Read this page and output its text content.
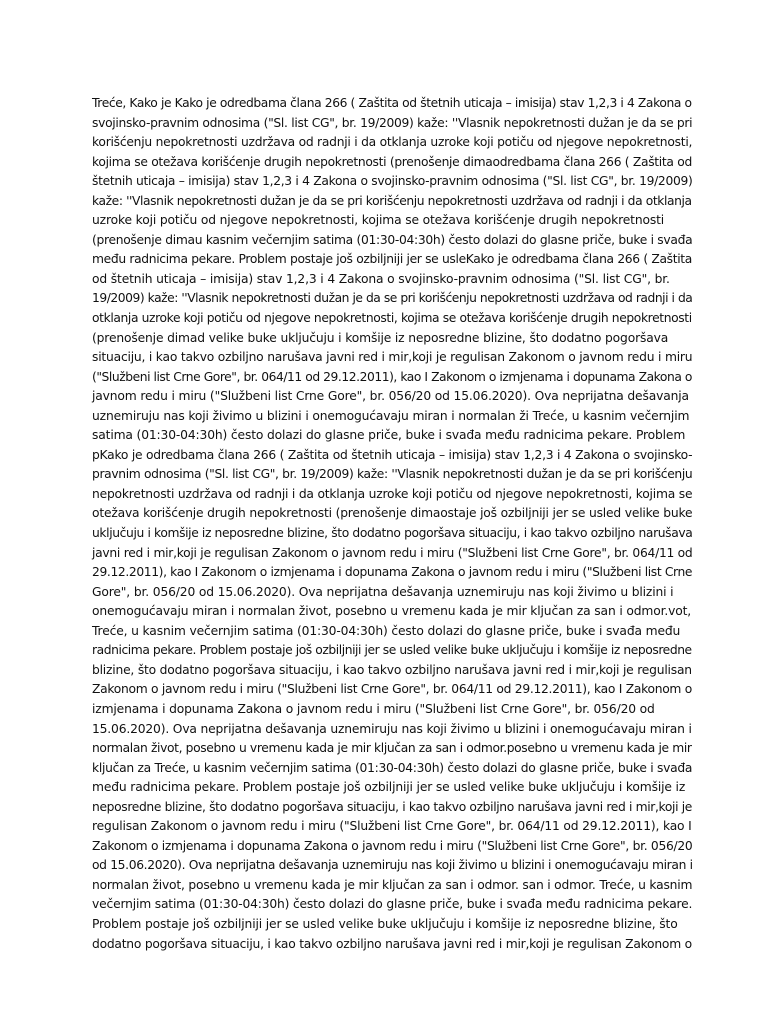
Treće, Kako je Kako je odredbama člana 266 ( Zaštita od štetnih uticaja – imisija) stav 1,2,3 i 4 Zakona o
svojinsko-pravnim odnosima ("Sl. list CG", br. 19/2009) kaže: ''Vlasnik nepokretnosti dužan je da se pri
korišćenju nepokretnosti uzdržava od radnji i da otklanja uzroke koji potiču od njegove nepokretnosti,
kojima se otežava korišćenje drugih nepokretnosti (prenošenje dimaodredbama člana 266 ( Zaštita od
štetnih uticaja – imisija) stav 1,2,3 i 4 Zakona o svojinsko-pravnim odnosima ("Sl. list CG", br. 19/2009)
kaže: ''Vlasnik nepokretnosti dužan je da se pri korišćenju nepokretnosti uzdržava od radnji i da otklanja
uzroke koji potiču od njegove nepokretnosti, kojima se otežava korišćenje drugih nepokretnosti
(prenošenje dimau kasnim večernjim satima (01:30-04:30h) često dolazi do glasne priče, buke i svađa
među radnicima pekare. Problem postaje još ozbiljniji jer se usleKako je odredbama člana 266 ( Zaštita
od štetnih uticaja – imisija) stav 1,2,3 i 4 Zakona o svojinsko-pravnim odnosima ("Sl. list CG", br.
19/2009) kaže: ''Vlasnik nepokretnosti dužan je da se pri korišćenju nepokretnosti uzdržava od radnji i da
otklanja uzroke koji potiču od njegove nepokretnosti, kojima se otežava korišćenje drugih nepokretnosti
(prenošenje dimad velike buke uključuju i komšije iz neposredne blizine, što dodatno pogoršava
situaciju, i kao takvo ozbiljno narušava javni red i mir,koji je regulisan Zakonom o javnom redu i miru
("Službeni list Crne Gore", br. 064/11 od 29.12.2011), kao I Zakonom o izmjenama i dopunama Zakona o
javnom redu i miru ("Službeni list Crne Gore", br. 056/20 od 15.06.2020). Ova neprijatna dešavanja
uznemiruju nas koji živimo u blizini i onemogućavaju miran i normalan ži Treće, u kasnim večernjim
satima (01:30-04:30h) često dolazi do glasne priče, buke i svađa među radnicima pekare. Problem
pKako je odredbama člana 266 ( Zaštita od štetnih uticaja – imisija) stav 1,2,3 i 4 Zakona o svojinsko-
pravnim odnosima ("Sl. list CG", br. 19/2009) kaže: ''Vlasnik nepokretnosti dužan je da se pri korišćenju
nepokretnosti uzdržava od radnji i da otklanja uzroke koji potiču od njegove nepokretnosti, kojima se
otežava korišćenje drugih nepokretnosti (prenošenje dimaostaje još ozbiljniji jer se usled velike buke
uključuju i komšije iz neposredne blizine, što dodatno pogoršava situaciju, i kao takvo ozbiljno narušava
javni red i mir,koji je regulisan Zakonom o javnom redu i miru ("Službeni list Crne Gore", br. 064/11 od
29.12.2011), kao I Zakonom o izmjenama i dopunama Zakona o javnom redu i miru ("Službeni list Crne
Gore", br. 056/20 od 15.06.2020). Ova neprijatna dešavanja uznemiruju nas koji živimo u blizini i
onemogućavaju miran i normalan život, posebno u vremenu kada je mir ključan za san i odmor.vot,
Treće, u kasnim večernjim satima (01:30-04:30h) često dolazi do glasne priče, buke i svađa među
radnicima pekare. Problem postaje još ozbiljniji jer se usled velike buke uključuju i komšije iz neposredne
blizine, što dodatno pogoršava situaciju, i kao takvo ozbiljno narušava javni red i mir,koji je regulisan
Zakonom o javnom redu i miru ("Službeni list Crne Gore", br. 064/11 od 29.12.2011), kao I Zakonom o
izmjenama i dopunama Zakona o javnom redu i miru ("Službeni list Crne Gore", br. 056/20 od
15.06.2020). Ova neprijatna dešavanja uznemiruju nas koji živimo u blizini i onemogućavaju miran i
normalan život, posebno u vremenu kada je mir ključan za san i odmor.posebno u vremenu kada je mir
ključan za Treće, u kasnim večernjim satima (01:30-04:30h) često dolazi do glasne priče, buke i svađa
među radnicima pekare. Problem postaje još ozbiljniji jer se usled velike buke uključuju i komšije iz
neposredne blizine, što dodatno pogoršava situaciju, i kao takvo ozbiljno narušava javni red i mir,koji je
regulisan Zakonom o javnom redu i miru ("Službeni list Crne Gore", br. 064/11 od 29.12.2011), kao I
Zakonom o izmjenama i dopunama Zakona o javnom redu i miru ("Službeni list Crne Gore", br. 056/20
od 15.06.2020). Ova neprijatna dešavanja uznemiruju nas koji živimo u blizini i onemogućavaju miran i
normalan život, posebno u vremenu kada je mir ključan za san i odmor. san i odmor. Treće, u kasnim
večernjim satima (01:30-04:30h) često dolazi do glasne priče, buke i svađa među radnicima pekare.
Problem postaje još ozbiljniji jer se usled velike buke uključuju i komšije iz neposredne blizine, što
dodatno pogoršava situaciju, i kao takvo ozbiljno narušava javni red i mir,koji je regulisan Zakonom o
